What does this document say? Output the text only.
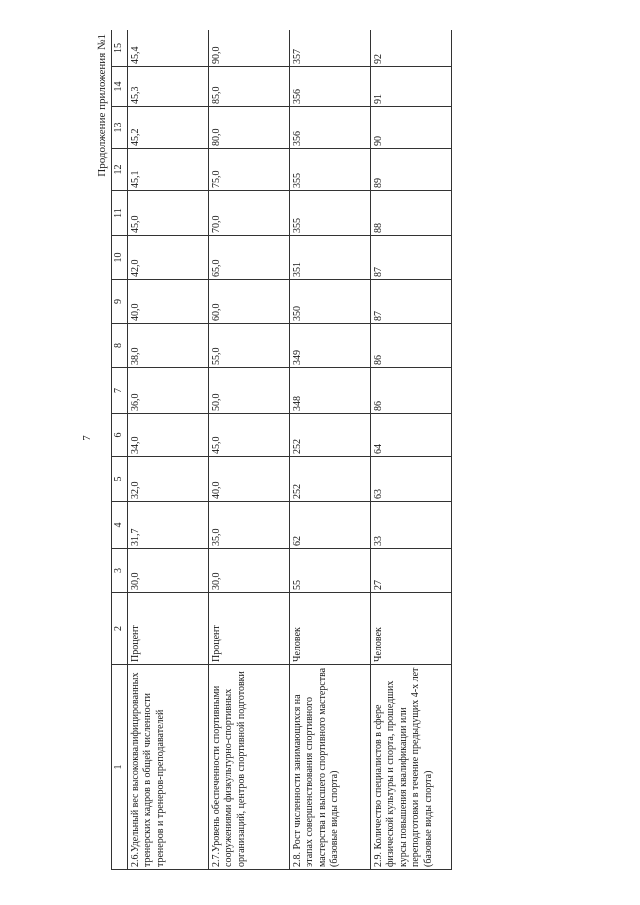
7
Продолжение приложения №1
1	2	3	4	5	6	7	8	9	10	11	12	13	14	15
2.6.Удельный вес высококвалифицированных тренерских кадров в общей численности тренеров и тренеров-преподавателей	Процент	30,0	31,7	32,0	34,0	36,0	38,0	40,0	42,0	45,0	45,1	45,2	45,3	45,4
2.7.Уровень обеспеченности спортивными сооружениями физкультурно-спортивных организаций, центров спортивной подготовки	Процент	30,0	35,0	40,0	45,0	50,0	55,0	60,0	65,0	70,0	75,0	80,0	85,0	90,0
2.8. Рост численности занимающихся на этапах совершенствования спортивного мастерства и высшего спортивного мастерства (базовые виды спорта)	Человек	55	62	252	252	348	349	350	351	355	355	356	356	357
2.9. Количество специалистов в сфере физической культуры и спорта, прошедших курсы повышения квалификации или переподготовки в течение предыдущих 4-х лет (базовые виды спорта)	Человек	27	33	63	64	86	86	87	87	88	89	90	91	92
